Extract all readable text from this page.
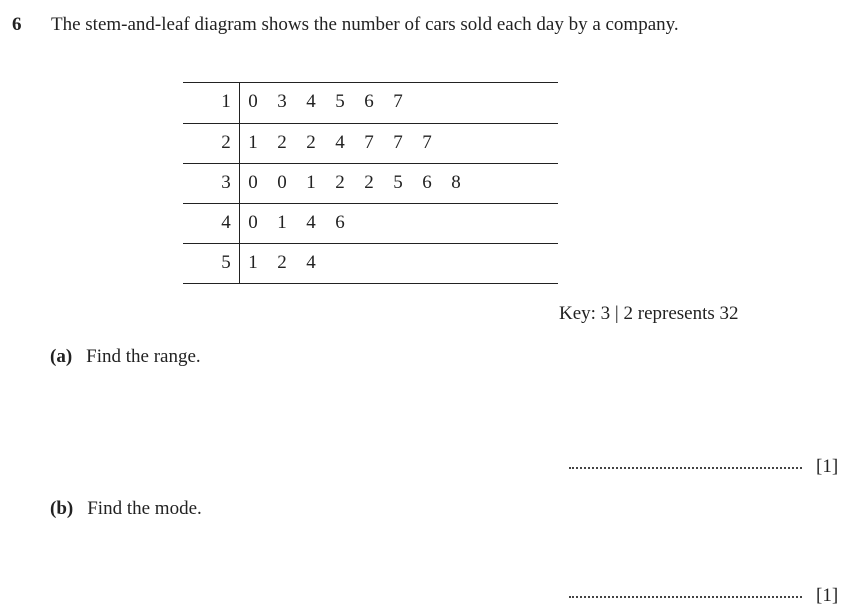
6 The stem-and-leaf diagram shows the number of cars sold each day by a company.
1 0 3 4 5 6 7
2 1 2 2 4 7 7 7
3 0 0 1 2 2 5 6 8
4 0 1 4 6
5 1 2 4
Key: 3 | 2 represents 32
(a) Find the range.
[1]
(b) Find the mode.
[1]
